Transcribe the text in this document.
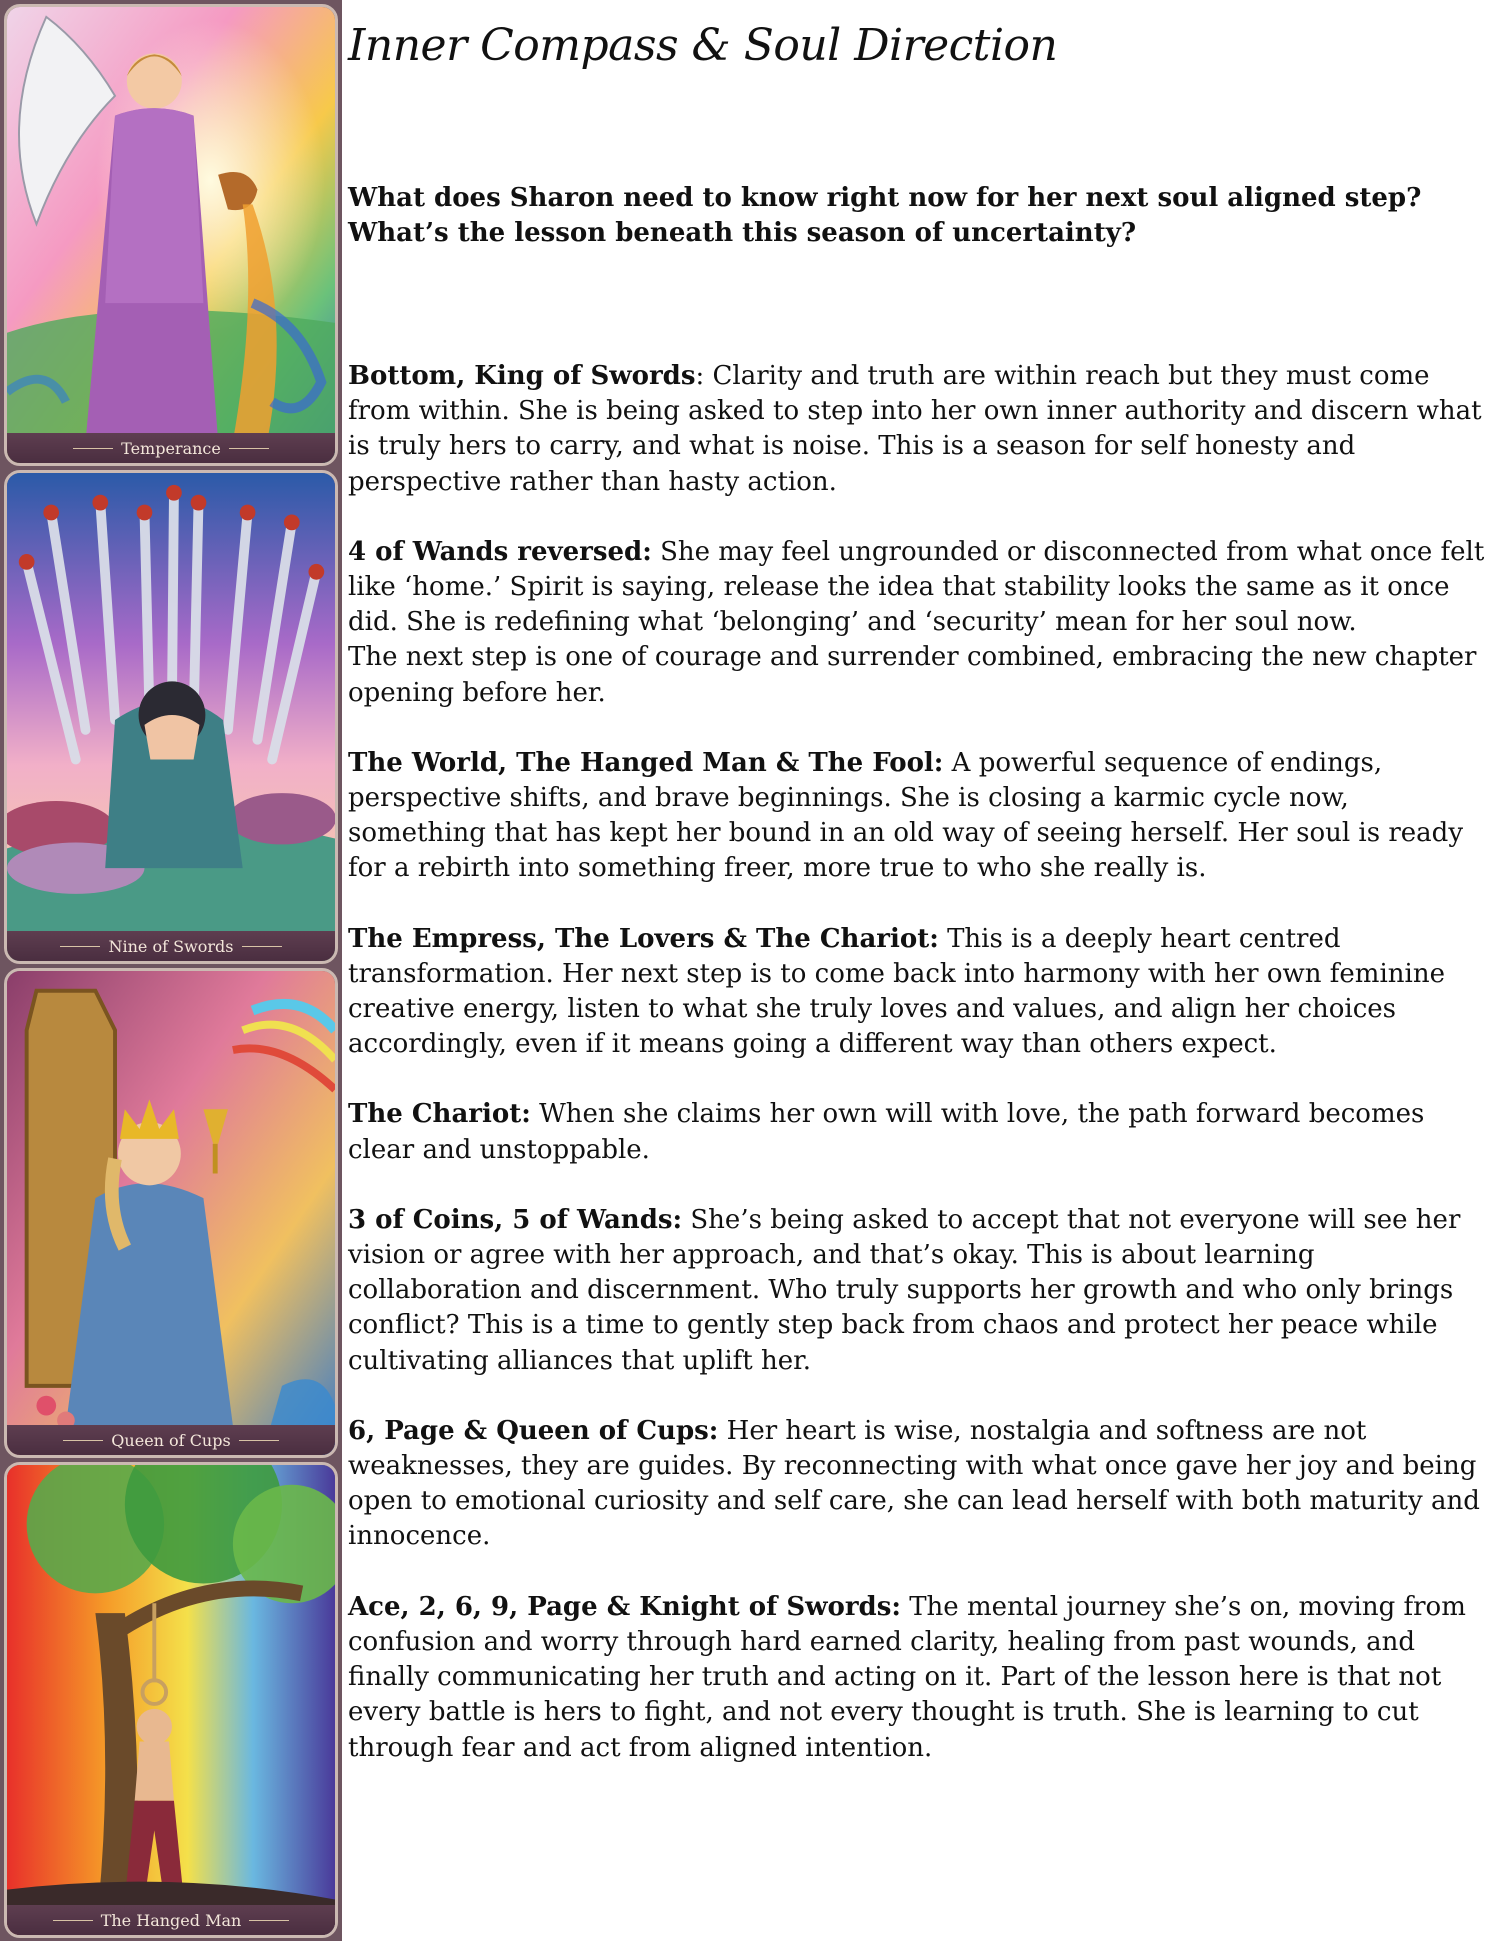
Temperance
Nine of Swords
Queen of Cups
The Hanged Man
Inner Compass & Soul Direction

What does Sharon need to know right now for her next soul aligned step?
What’s the lesson beneath this season of uncertainty?

Bottom, King of Swords: Clarity and truth are within reach but they must come from within. She is being asked to step into her own inner authority and discern what is truly hers to carry, and what is noise. This is a season for self honesty and perspective rather than hasty action.

4 of Wands reversed: She may feel ungrounded or disconnected from what once felt like ‘home.’ Spirit is saying, release the idea that stability looks the same as it once did. She is redefining what ‘belonging’ and ‘security’ mean for her soul now.
The next step is one of courage and surrender combined, embracing the new chapter opening before her.

The World, The Hanged Man & The Fool: A powerful sequence of endings, perspective shifts, and brave beginnings. She is closing a karmic cycle now, something that has kept her bound in an old way of seeing herself. Her soul is ready for a rebirth into something freer, more true to who she really is.

The Empress, The Lovers & The Chariot: This is a deeply heart centred transformation. Her next step is to come back into harmony with her own feminine creative energy, listen to what she truly loves and values, and align her choices accordingly, even if it means going a different way than others expect.

The Chariot: When she claims her own will with love, the path forward becomes clear and unstoppable.

3 of Coins, 5 of Wands: She’s being asked to accept that not everyone will see her vision or agree with her approach, and that’s okay. This is about learning collaboration and discernment. Who truly supports her growth and who only brings conflict? This is a time to gently step back from chaos and protect her peace while cultivating alliances that uplift her.

6, Page & Queen of Cups: Her heart is wise, nostalgia and softness are not weaknesses, they are guides. By reconnecting with what once gave her joy and being open to emotional curiosity and self care, she can lead herself with both maturity and innocence.

Ace, 2, 6, 9, Page & Knight of Swords: The mental journey she’s on, moving from confusion and worry through hard earned clarity, healing from past wounds, and finally communicating her truth and acting on it. Part of the lesson here is that not every battle is hers to fight, and not every thought is truth. She is learning to cut through fear and act from aligned intention.
